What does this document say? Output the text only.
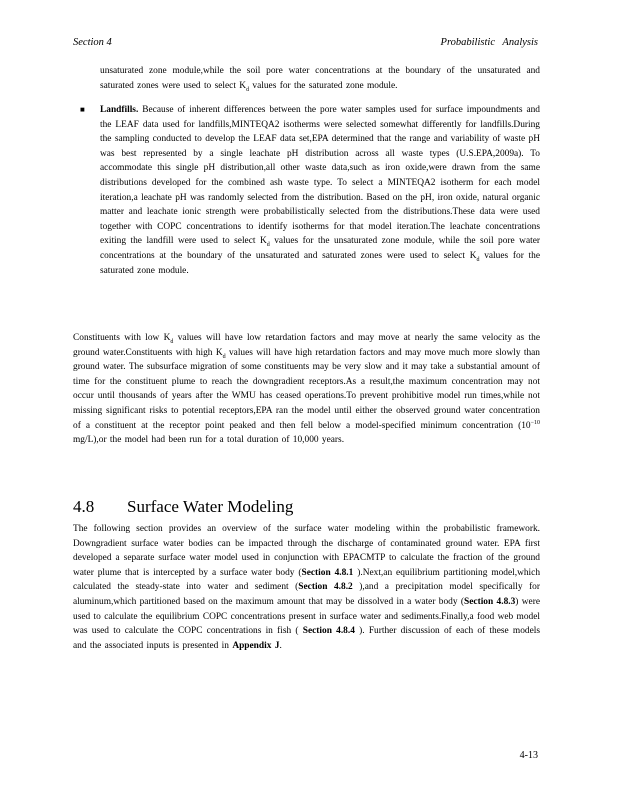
Section 4	Probabilistic Analysis
unsaturated zone module,while the soil pore water concentrations at the boundary of the unsaturated and saturated zones were used to select $K_d$ values for the saturated zone module.
■ Landfills. Because of inherent differences between the pore water samples used for surface impoundments and the LEAF data used for landfills,MINTEQA2 isotherms were selected somewhat differently for landfills.During the sampling conducted to develop the LEAF data set,EPA determined that the range and variability of waste pH was best represented by a single leachate pH distribution across all waste types (U.S.EPA,2009a). To accommodate this single pH distribution,all other waste data,such as iron oxide,were drawn from the same distributions developed for the combined ash waste type. To select a MINTEQA2 isotherm for each model iteration,a leachate pH was randomly selected from the distribution. Based on the pH, iron oxide, natural organic matter and leachate ionic strength were probabilistically selected from the distributions.These data were used together with COPC concentrations to identify isotherms for that model iteration.The leachate concentrations exiting the landfill were used to select $K_d$ values for the unsaturated zone module, while the soil pore water concentrations at the boundary of the unsaturated and saturated zones were used to select $K_d$ values for the saturated zone module.
Constituents with low $K_d$ values will have low retardation factors and may move at nearly the same velocity as the ground water.Constituents with high $K_d$ values will have high retardation factors and may move much more slowly than ground water. The subsurface migration of some constituents may be very slow and it may take a substantial amount of time for the constituent plume to reach the downgradient receptors.As a result,the maximum concentration may not occur until thousands of years after the WMU has ceased operations.To prevent prohibitive model run times,while not missing significant risks to potential receptors,EPA ran the model until either the observed ground water concentration of a constituent at the receptor point peaked and then fell below a model-specified minimum concentration ($10^{-10}$ mg/L),or the model had been run for a total duration of 10,000 years.
4.8 Surface Water Modeling
The following section provides an overview of the surface water modeling within the probabilistic framework. Downgradient surface water bodies can be impacted through the discharge of contaminated ground water. EPA first developed a separate surface water model used in conjunction with EPACMTP to calculate the fraction of the ground water plume that is intercepted by a surface water body (Section 4.8.1 ).Next,an equilibrium partitioning model,which calculated the steady-state into water and sediment (Section 4.8.2 ),and a precipitation model specifically for aluminum,which partitioned based on the maximum amount that may be dissolved in a water body (Section 4.8.3) were used to calculate the equilibrium COPC concentrations present in surface water and sediments.Finally,a food web model was used to calculate the COPC concentrations in fish ( Section 4.8.4 ). Further discussion of each of these models and the associated inputs is presented in Appendix J.
4-13
